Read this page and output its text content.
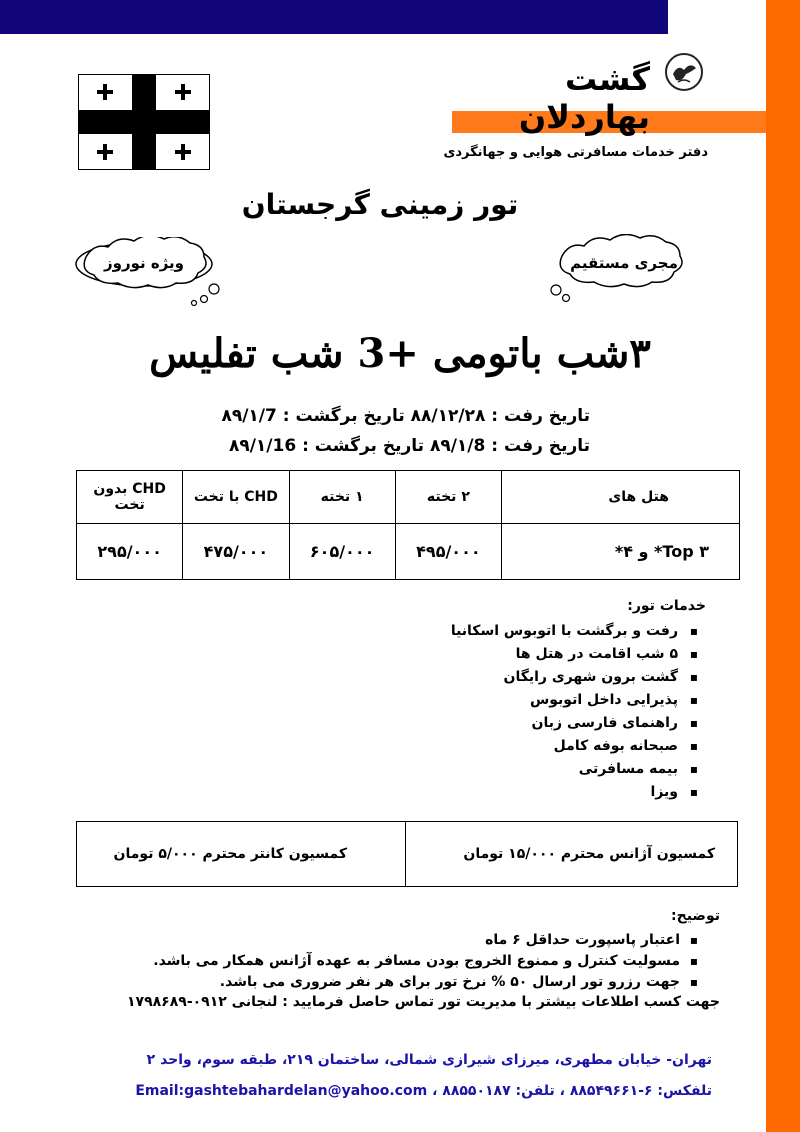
گشت بهاردلان
دفتر خدمات مسافرتی هوایی و جهانگردی
تور زمینی گرجستان
ویژه نوروز	مجری مستقیم
۳شب باتومی +3 شب تفلیس
تاریخ رفت : ۸۸/۱۲/۲۸ تاریخ برگشت : ۸۹/۱/7
تاریخ رفت : ۸۹/۱/8 تاریخ برگشت : ۸۹/۱/16
هتل های	۲ تخته	۱ تخته	CHD با تخت	CHD بدون تخت
Top ۳* و ۴*	۴۹۵/۰۰۰	۶۰۵/۰۰۰	۴۷۵/۰۰۰	۲۹۵/۰۰۰
خدمات تور:
▪ رفت و برگشت با اتوبوس اسکانیا
▪ ۵ شب اقامت در هتل ها
▪ گشت برون شهری رایگان
▪ پذیرایی داخل اتوبوس
▪ راهنمای فارسی زبان
▪ صبحانه بوفه کامل
▪ بیمه مسافرتی
▪ ویزا
کمسیون آژانس محترم ۱۵/۰۰۰ تومان
کمسیون کانتر محترم ۵/۰۰۰ تومان
توضیح:
▪ اعتبار پاسپورت حداقل ۶ ماه
▪ مسولیت کنترل و ممنوع الخروج بودن مسافر به عهده آژانس همکار می باشد.
▪ جهت رزرو تور ارسال ۵۰ % نرخ تور برای هر نفر ضروری می باشد.
جهت کسب اطلاعات بیشتر با مدیریت تور تماس حاصل فرمایید : لنجانی ۰۹۱۲-۱۷۹۸۶۸۹
تهران- خیابان مطهری، میرزای شیرازی شمالی، ساختمان ۲۱۹، طبقه سوم، واحد ۲
تلفکس: ۶-۸۸۵۴۹۶۶۱ ، تلفن: ۸۸۵۵۰۱۸۷ ، Email:gashtebahardelan@yahoo.com
